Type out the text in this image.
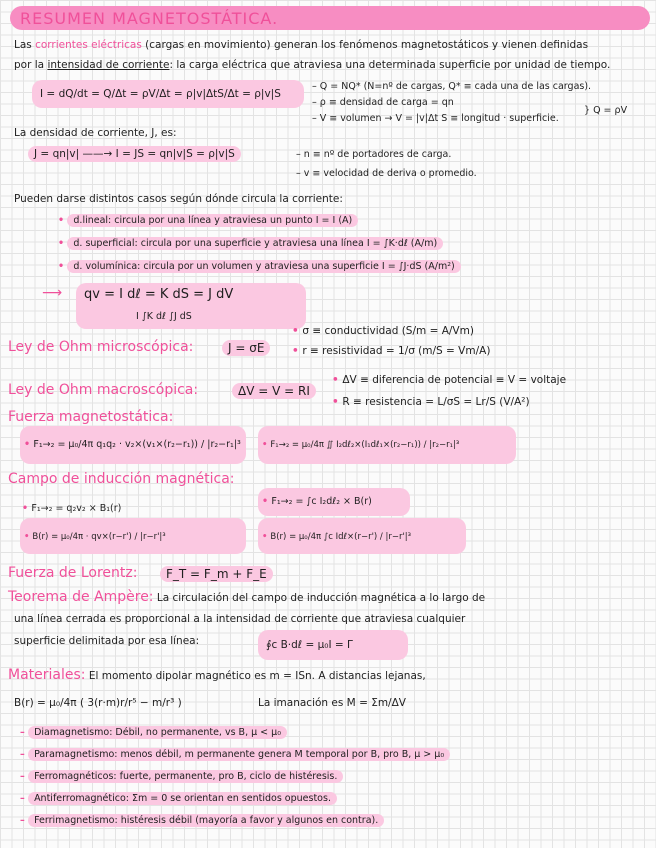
RESUMEN MAGNETOSTÁTICA.
Las corrientes eléctricas (cargas en movimiento) generan los fenómenos magnetostáticos y vienen definidas
por la intensidad de corriente: la carga eléctrica que atraviesa una determinada superficie por unidad de tiempo.
I = dQ/dt = Q/Δt = ρV/Δt = ρ|v|ΔtS/Δt = ρ|v|S
– Q = NQ* (N=nº de cargas, Q* ≡ cada una de las cargas).
– ρ ≡ densidad de carga = qn
– V ≡ volumen → V = |v|Δt S ≡ longitud · superficie.
} Q = ρV
La densidad de corriente, J, es:
J = qn|v| ——→ I = JS = qn|v|S = ρ|v|S	– n ≡ nº de portadores de carga.
– v ≡ velocidad de deriva o promedio.
Pueden darse distintos casos según dónde circula la corriente:
• d.lineal: circula por una línea y atraviesa un punto I = I (A)
• d. superficial: circula por una superficie y atraviesa una línea I = ∫K·dℓ (A/m)
• d. volumínica: circula por un volumen y atraviesa una superficie I = ∫J·dS (A/m²)
⟶ qv = I dℓ = K dS = J dV
I ∫K dℓ ∫J dS
Ley de Ohm microscópica:	J = σE
• σ ≡ conductividad (S/m = A/Vm)
• r ≡ resistividad = 1/σ (m/S = Vm/A)
Ley de Ohm macroscópica:	ΔV = V = RI
• ΔV ≡ diferencia de potencial ≡ V = voltaje
• R ≡ resistencia = L/σS = Lr/S (V/A²)
Fuerza magnetostática:
• F₁→₂ = μ₀/4π q₁q₂ · v₂×(v₁×(r₂−r₁)) / |r₂−r₁|³ • F₁→₂ = μ₀/4π ∬ I₂dℓ₂×(I₁dℓ₁×(r₂−r₁)) / |r₂−r₁|³
Campo de inducción magnética:
• F₁→₂ = q₂v₂ × B₁(r)
• B(r) = μ₀/4π · qv×(r−r') / |r−r'|³
• F₁→₂ = ∫c I₂dℓ₂ × B(r)
• B(r) = μ₀/4π ∫c Idℓ×(r−r') / |r−r'|³
Fuerza de Lorentz:	F_T = F_m + F_E
Teorema de Ampère: La circulación del campo de inducción magnética a lo largo de
una línea cerrada es proporcional a la intensidad de corriente que atraviesa cualquier
superficie delimitada por esa línea:	∮c B·dℓ = μ₀I = Γ
Materiales: El momento dipolar magnético es m = ISn. A distancias lejanas,
B(r) = μ₀/4π ( 3(r·m)r/r⁵ − m/r³ )	La imanación es M = Σm/ΔV
– Diamagnetismo: Débil, no permanente, vs B, μ < μ₀
– Paramagnetismo: menos débil, m permanente genera M temporal por B, pro B, μ > μ₀
– Ferromagnéticos: fuerte, permanente, pro B, ciclo de histéresis.
– Antiferromagnético: Σm = 0 se orientan en sentidos opuestos.
– Ferrimagnetismo: histéresis débil (mayoría a favor y algunos en contra).
